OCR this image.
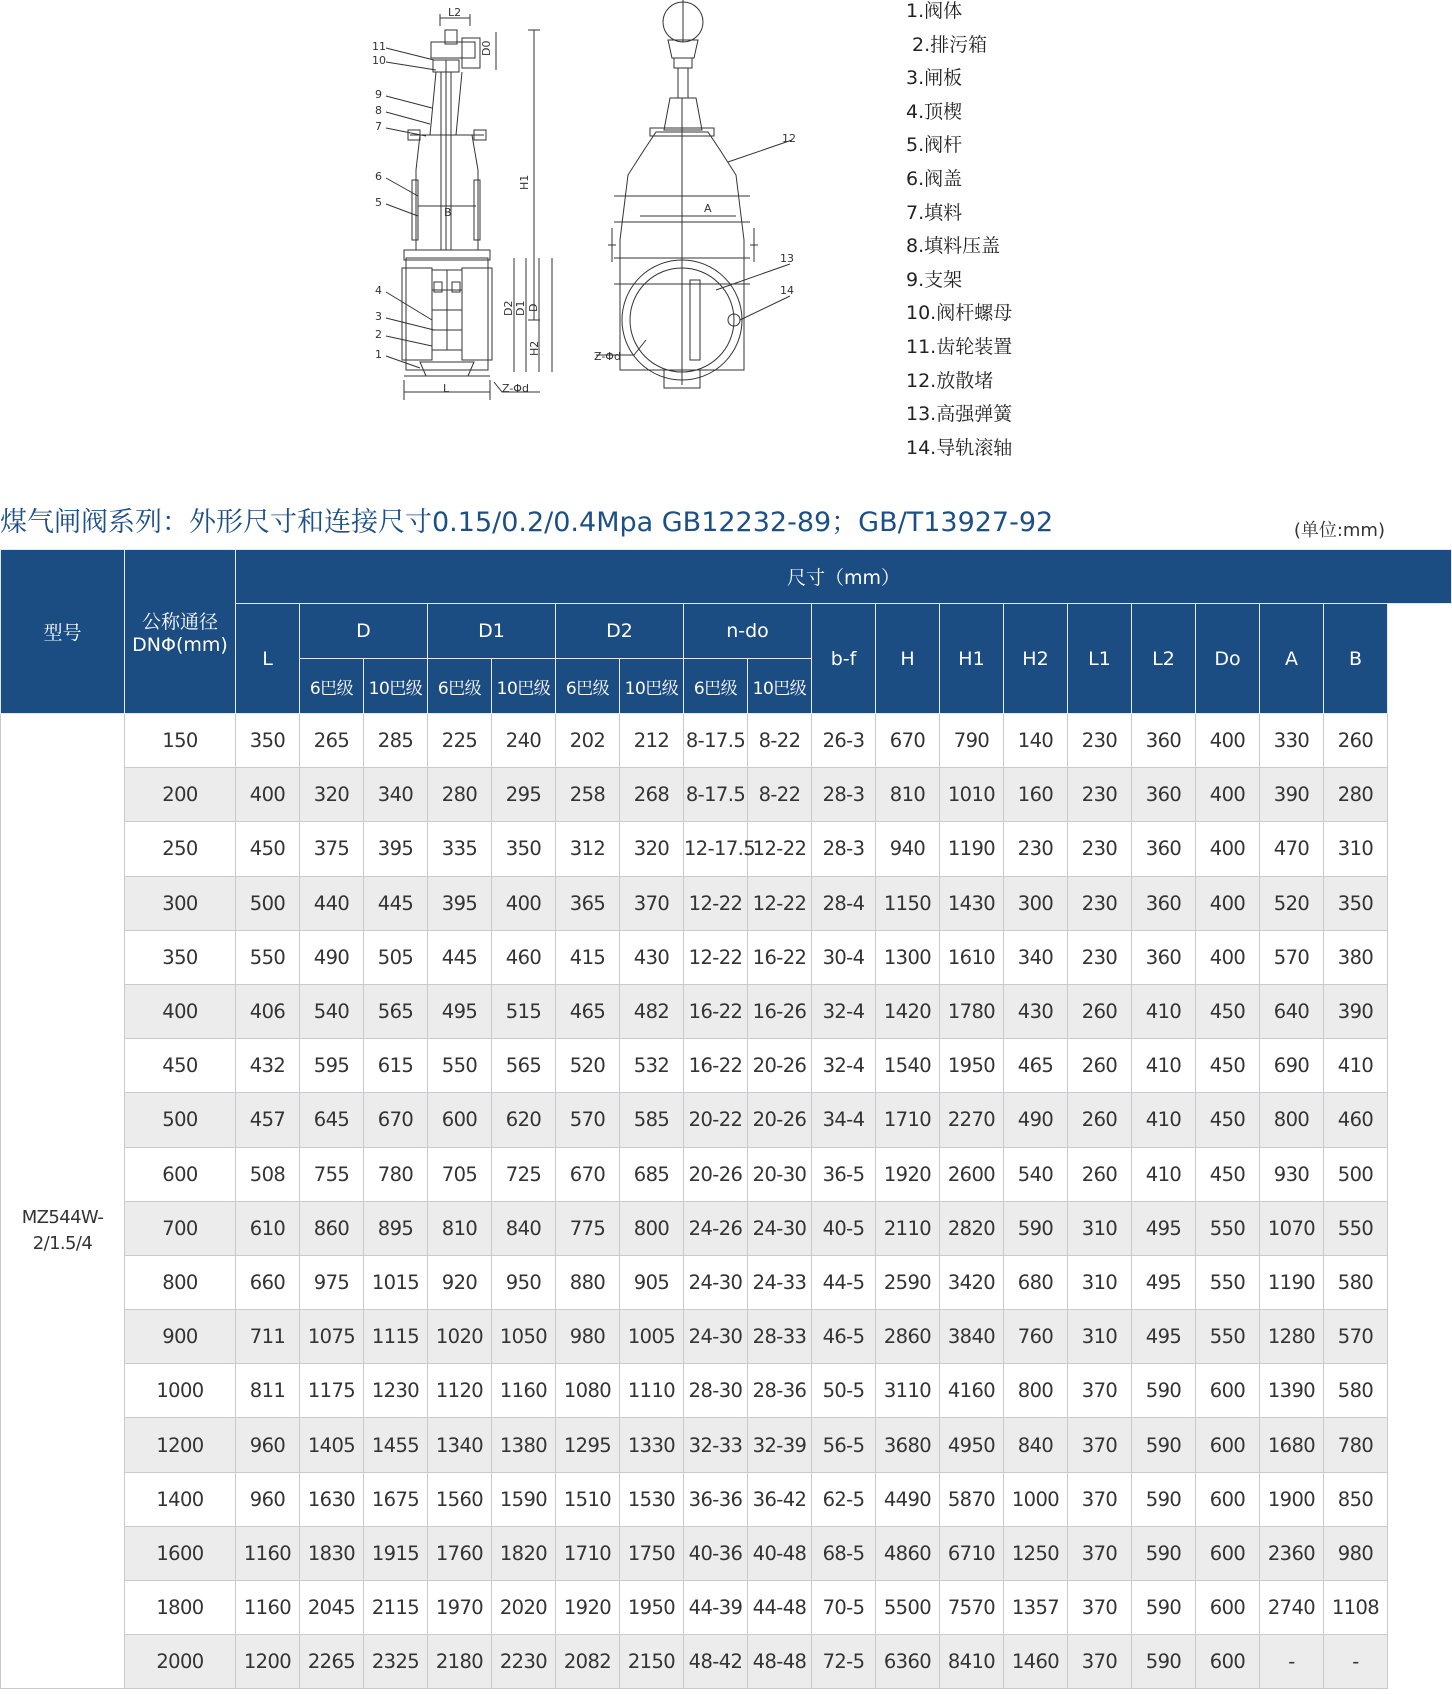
11
10
9
8
7
6
5
4
3
2
1
L2
D0
H1
H2
D2 D1 D
B
L	Z-Φd
12
13
14
A
Z-Φd
1.阀体
2.排污箱
3.闸板
4.顶楔
5.阀杆
6.阀盖
7.填料
8.填料压盖
9.支架
10.阀杆螺母
11.齿轮装置
12.放散堵
13.高强弹簧
14.导轨滚轴
煤气闸阀系列：外形尺寸和连接尺寸0.15/0.2/0.4Mpa GB12232-89；GB/T13927-92	(单位:mm)
型号	公称通径
DNΦ(mm)	尺寸（mm）																	
		L	D		D1		D2		n-do		b-f	H	H1	H2	L1	L2	Do	A	B
			6巴级	10巴级	6巴级	10巴级	6巴级	10巴级	6巴级	10巴级									

MZ544W-
2/1.5/4	150	350	265	285	225	240	202	212	8-17.5	8-22	26-3	670	790	140	230	360	400	330	260
	200	400	320	340	280	295	258	268	8-17.5	8-22	28-3	810	1010	160	230	360	400	390	280
	250	450	375	395	335	350	312	320	12-17.5	12-22	28-3	940	1190	230	230	360	400	470	310
	300	500	440	445	395	400	365	370	12-22	12-22	28-4	1150	1430	300	230	360	400	520	350
	350	550	490	505	445	460	415	430	12-22	16-22	30-4	1300	1610	340	230	360	400	570	380
	400	406	540	565	495	515	465	482	16-22	16-26	32-4	1420	1780	430	260	410	450	640	390
	450	432	595	615	550	565	520	532	16-22	20-26	32-4	1540	1950	465	260	410	450	690	410
	500	457	645	670	600	620	570	585	20-22	20-26	34-4	1710	2270	490	260	410	450	800	460
	600	508	755	780	705	725	670	685	20-26	20-30	36-5	1920	2600	540	260	410	450	930	500
	700	610	860	895	810	840	775	800	24-26	24-30	40-5	2110	2820	590	310	495	550	1070	550
	800	660	975	1015	920	950	880	905	24-30	24-33	44-5	2590	3420	680	310	495	550	1190	580
	900	711	1075	1115	1020	1050	980	1005	24-30	28-33	46-5	2860	3840	760	310	495	550	1280	570
	1000	811	1175	1230	1120	1160	1080	1110	28-30	28-36	50-5	3110	4160	800	370	590	600	1390	580
	1200	960	1405	1455	1340	1380	1295	1330	32-33	32-39	56-5	3680	4950	840	370	590	600	1680	780
	1400	960	1630	1675	1560	1590	1510	1530	36-36	36-42	62-5	4490	5870	1000	370	590	600	1900	850
	1600	1160	1830	1915	1760	1820	1710	1750	40-36	40-48	68-5	4860	6710	1250	370	590	600	2360	980
	1800	1160	2045	2115	1970	2020	1920	1950	44-39	44-48	70-5	5500	7570	1357	370	590	600	2740	1108
	2000	1200	2265	2325	2180	2230	2082	2150	48-42	48-48	72-5	6360	8410	1460	370	590	600	-	-
